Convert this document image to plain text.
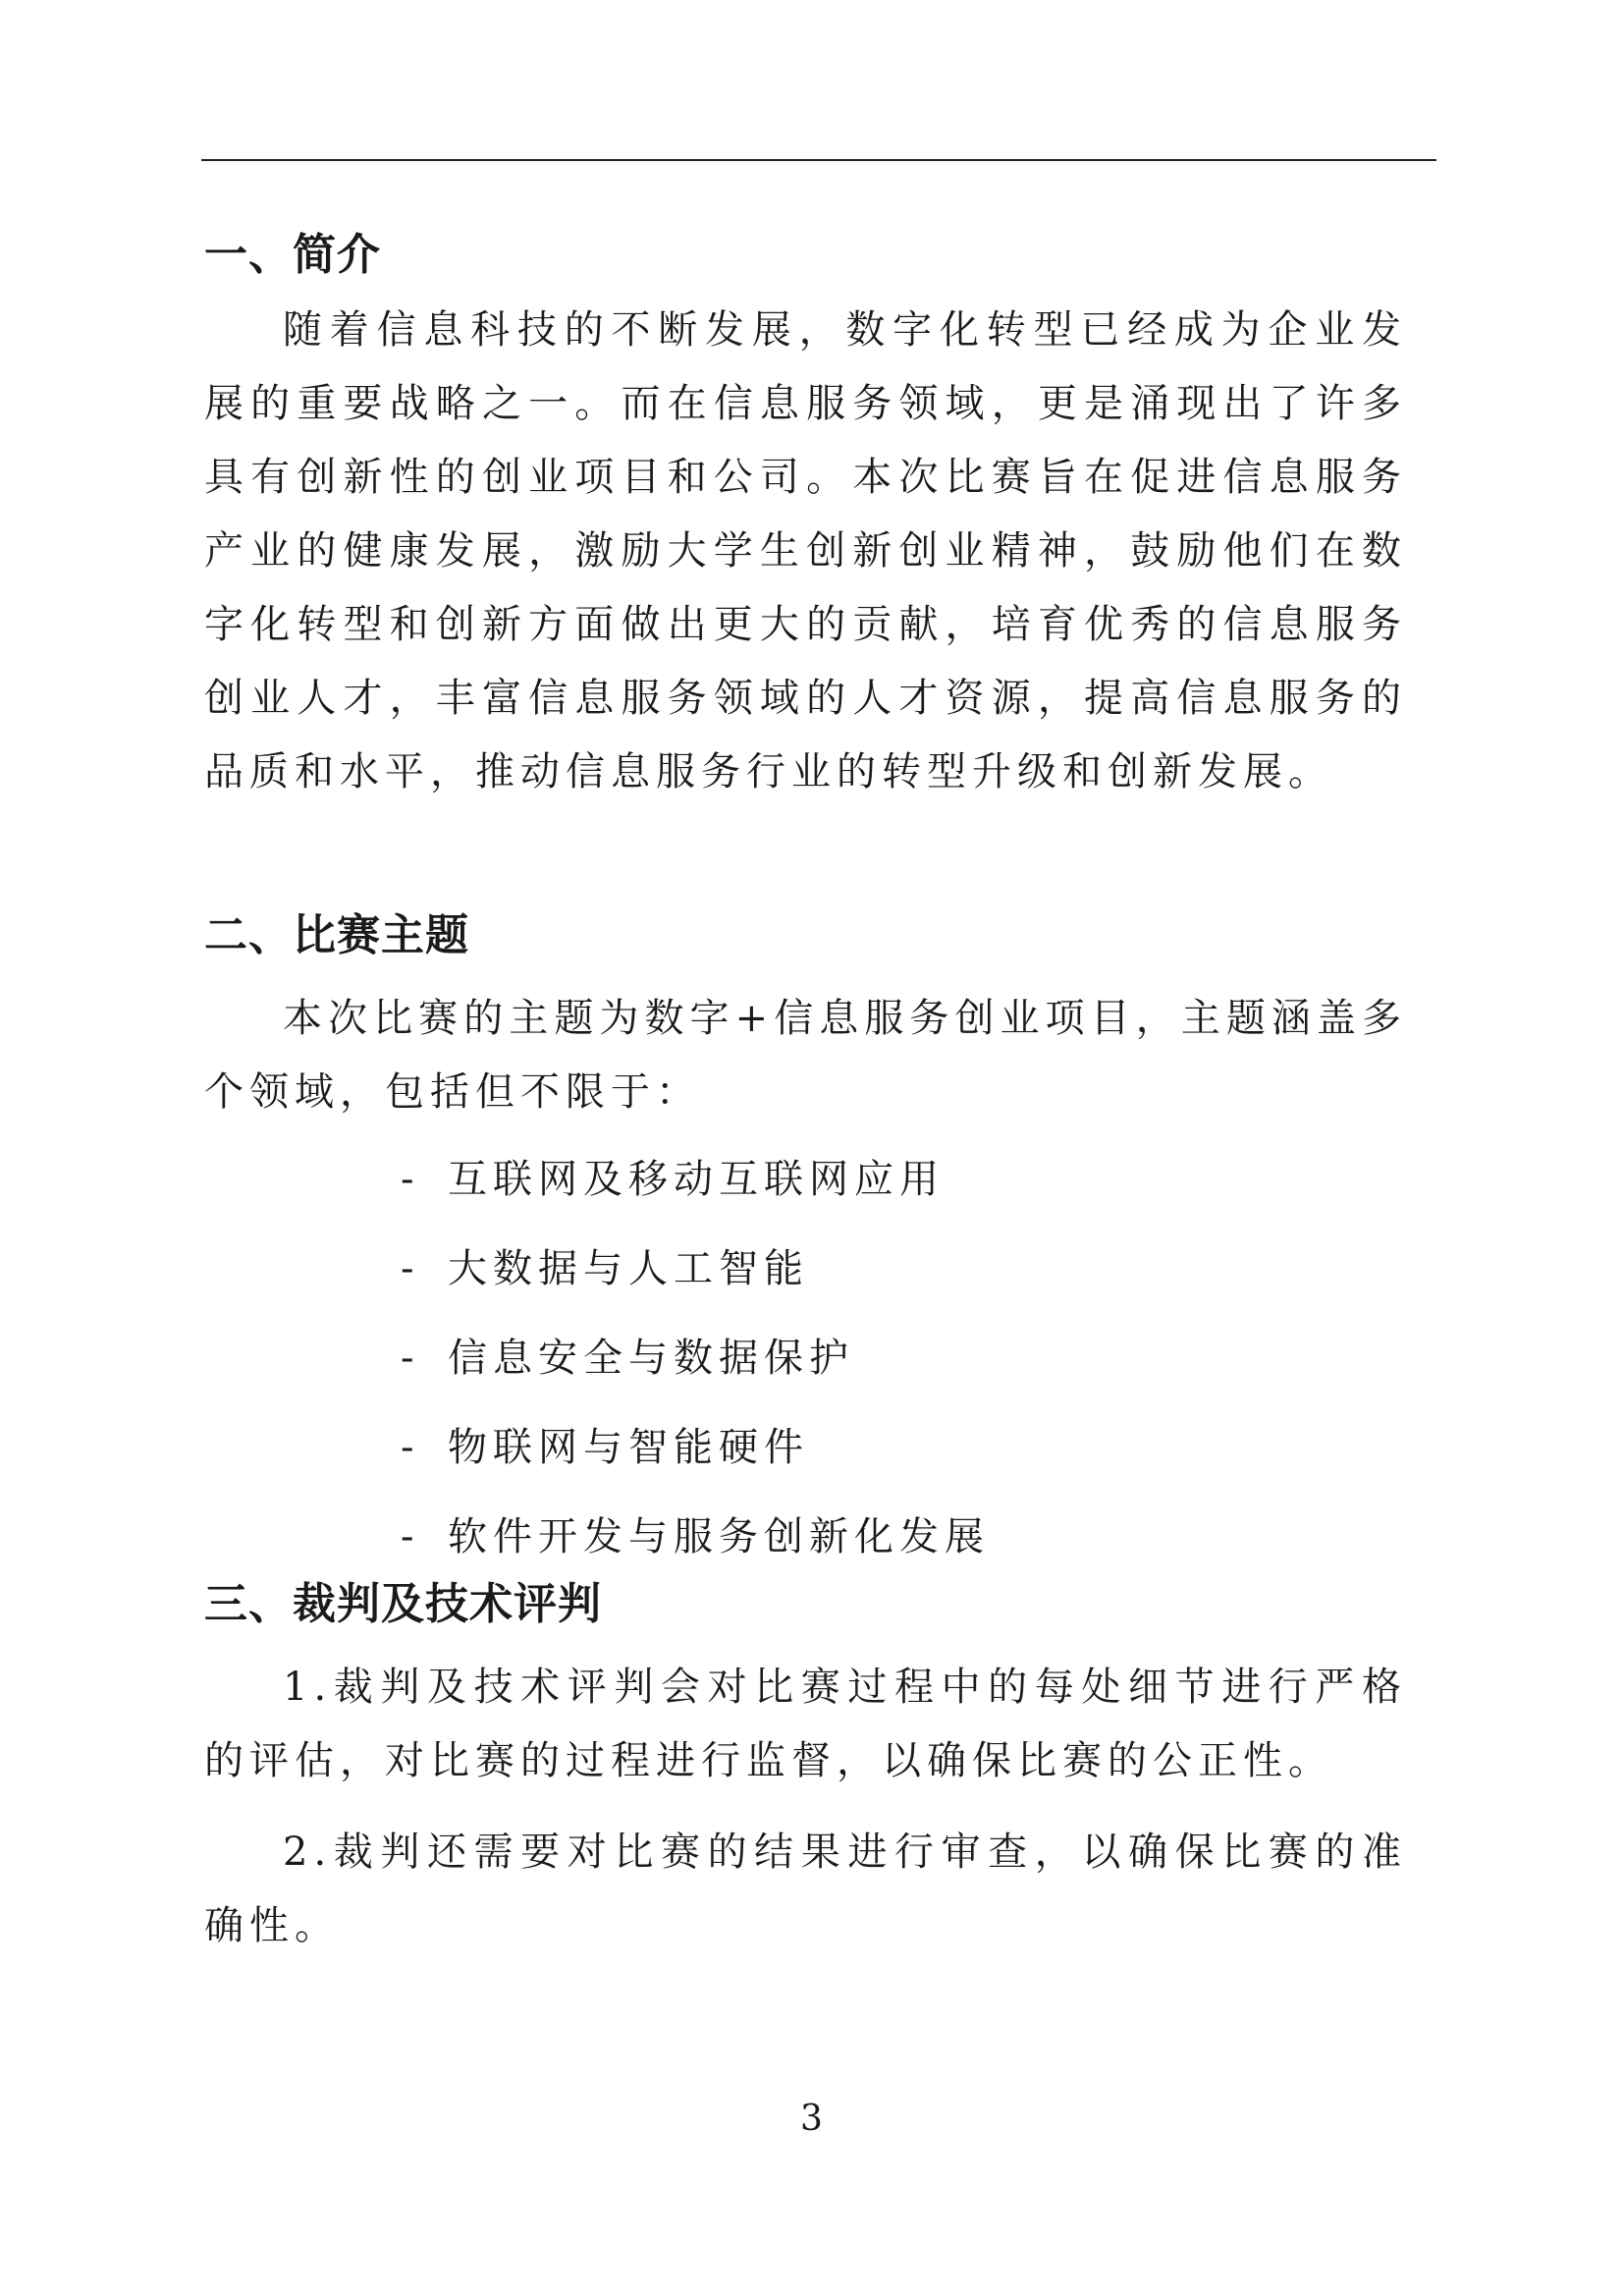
一、简介

随着信息科技的不断发展，数字化转型已经成为企业发展的重要战略之一。而在信息服务领域，更是涌现出了许多具有创新性的创业项目和公司。本次比赛旨在促进信息服务产业的健康发展，激励大学生创新创业精神，鼓励他们在数字化转型和创新方面做出更大的贡献，培育优秀的信息服务创业人才，丰富信息服务领域的人才资源，提高信息服务的品质和水平，推动信息服务行业的转型升级和创新发展。

二、比赛主题

本次比赛的主题为数字+信息服务创业项目，主题涵盖多个领域，包括但不限于：

- 互联网及移动互联网应用
- 大数据与人工智能
- 信息安全与数据保护
- 物联网与智能硬件
- 软件开发与服务创新化发展
三、裁判及技术评判

1.裁判及技术评判会对比赛过程中的每处细节进行严格的评估，对比赛的过程进行监督，以确保比赛的公正性。

2.裁判还需要对比赛的结果进行审查，以确保比赛的准确性。

3
